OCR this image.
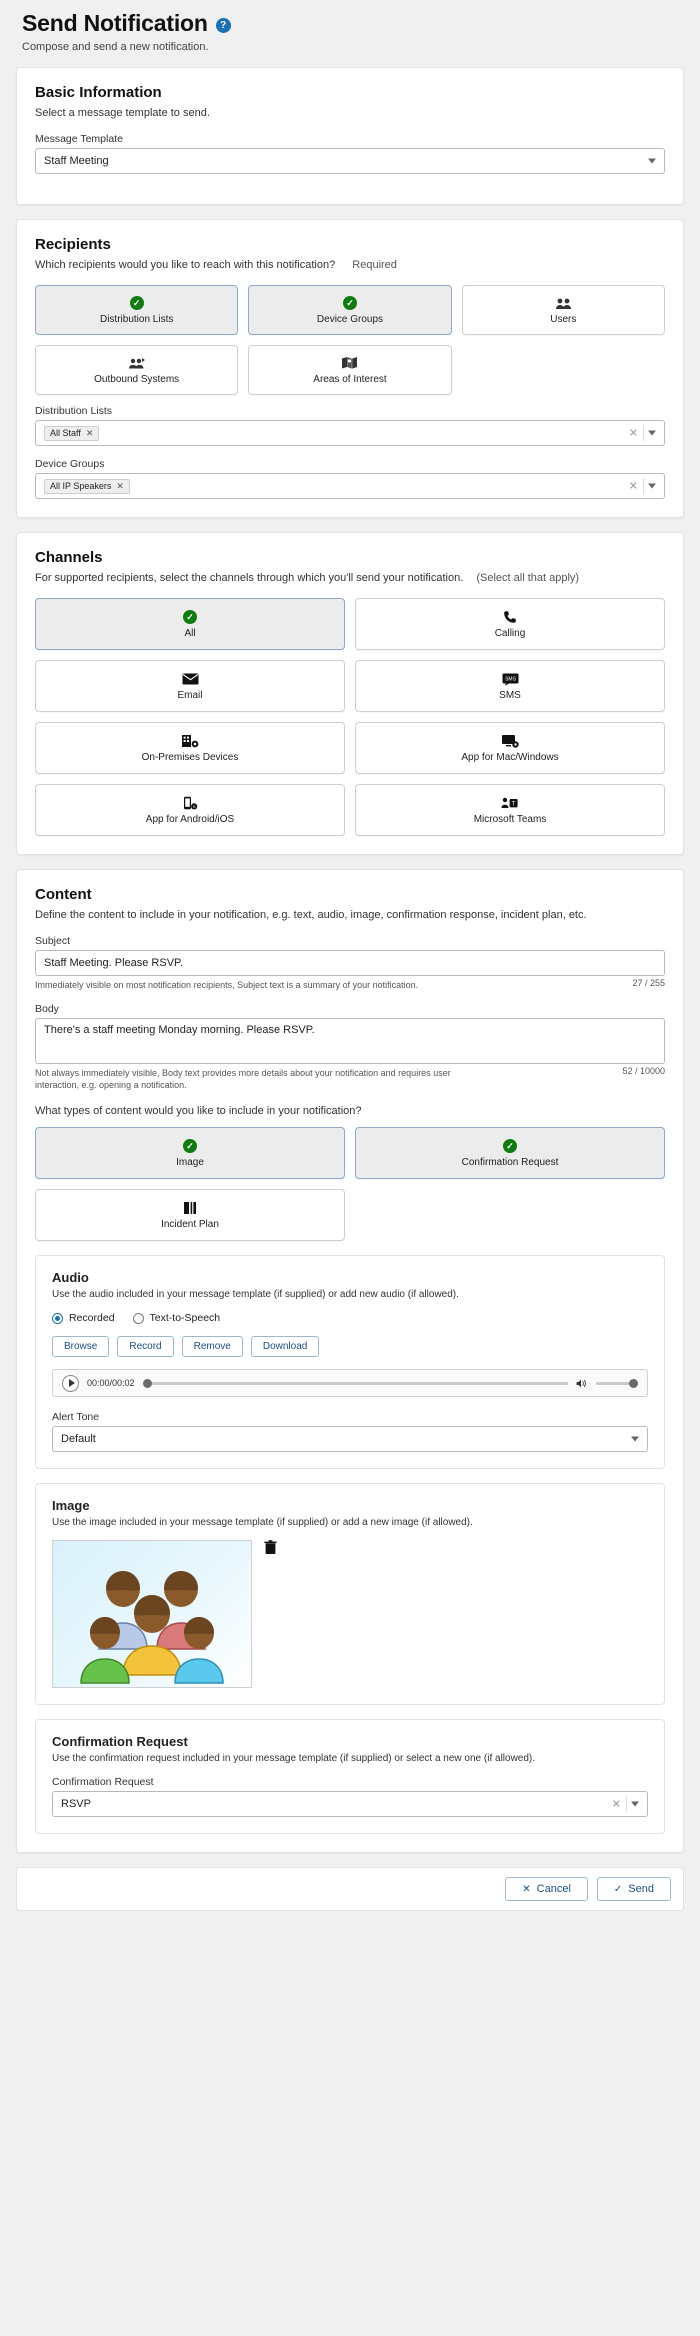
Send Notification	?
Compose and send a new notification.
Basic Information
Select a message template to send.
Message Template
Staff Meeting
Recipients
Which recipients would you like to reach with this notification? Required
✓
Distribution Lists
✓
Device Groups	Users
Outbound Systems	Areas of Interest
Distribution Lists
All Staff ✕	✕
Device Groups
All IP Speakers ✕	✕
Channels
For supported recipients, select the channels through which you'll send your notification. (Select all that apply)
✓
All	Calling
Email
SMS
SMS
On-Premises Devices	App for Mac/Windows
S
App for Android/iOS
T
Microsoft Teams
Content
Define the content to include in your notification, e.g. text, audio, image, confirmation response, incident plan, etc.
Subject
Staff Meeting. Please RSVP.
Immediately visible on most notification recipients, Subject text is a summary of your notification.	27 / 255
Body
There's a staff meeting Monday morning. Please RSVP.
Not always immediately visible, Body text provides more details about your notification and requires user interaction, e.g. opening a notification.
52 / 10000
What types of content would you like to include in your notification?
✓
Image
✓
Confirmation Request
Incident Plan
Audio
Use the audio included in your message template (if supplied) or add new audio (if allowed).
Recorded	Text-to-Speech
Browse	Record	Remove	Download
00:00/00:02
Alert Tone
Default
Image
Use the image included in your message template (if supplied) or add a new image (if allowed).
Confirmation Request
Use the confirmation request included in your message template (if supplied) or select a new one (if allowed).
Confirmation Request
RSVP	✕
✕ Cancel	✓ Send
